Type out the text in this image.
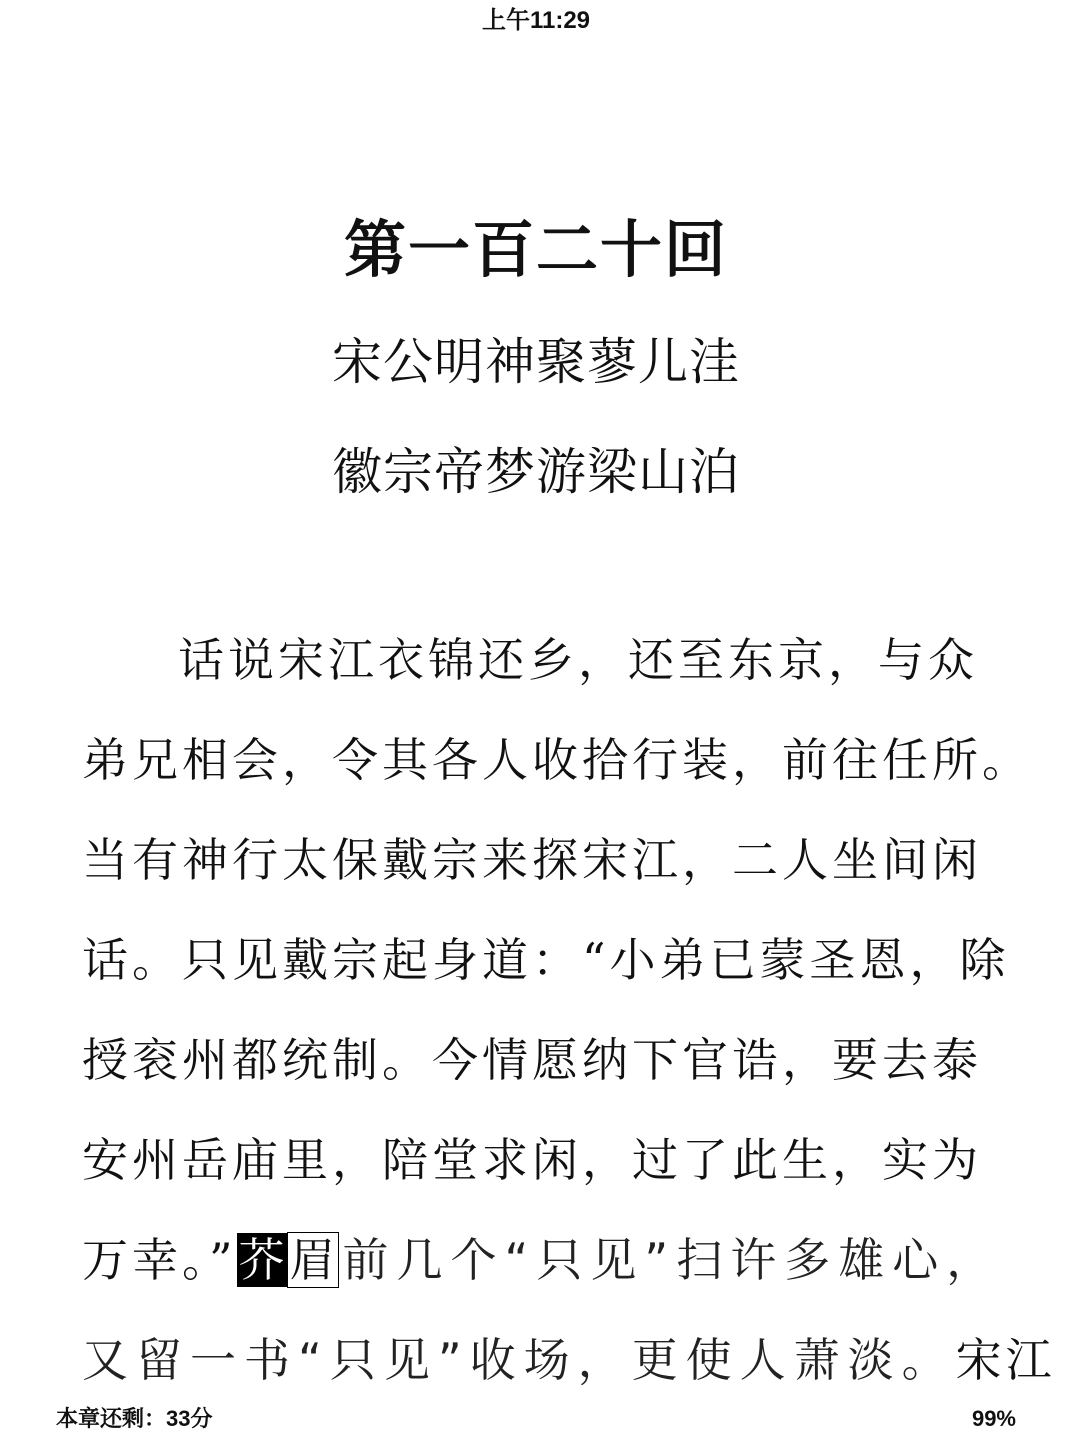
上午11:29
第一百二十回
宋公明神聚蓼儿洼
徽宗帝梦游梁山泊
话说宋江衣锦还乡，还至东京，与众
弟兄相会，令其各人收拾行装，前往任所。
当有神行太保戴宗来探宋江，二人坐间闲
话。只见戴宗起身道：“小弟已蒙圣恩，除
授衮州都统制。今情愿纳下官诰，要去泰
安州岳庙里，陪堂求闲，过了此生，实为
万幸。”芥 眉 前几个“只见”扫许多雄心，
又留一书“只见”收场，更使人萧淡。宋江
本章还剩：33分	99%
